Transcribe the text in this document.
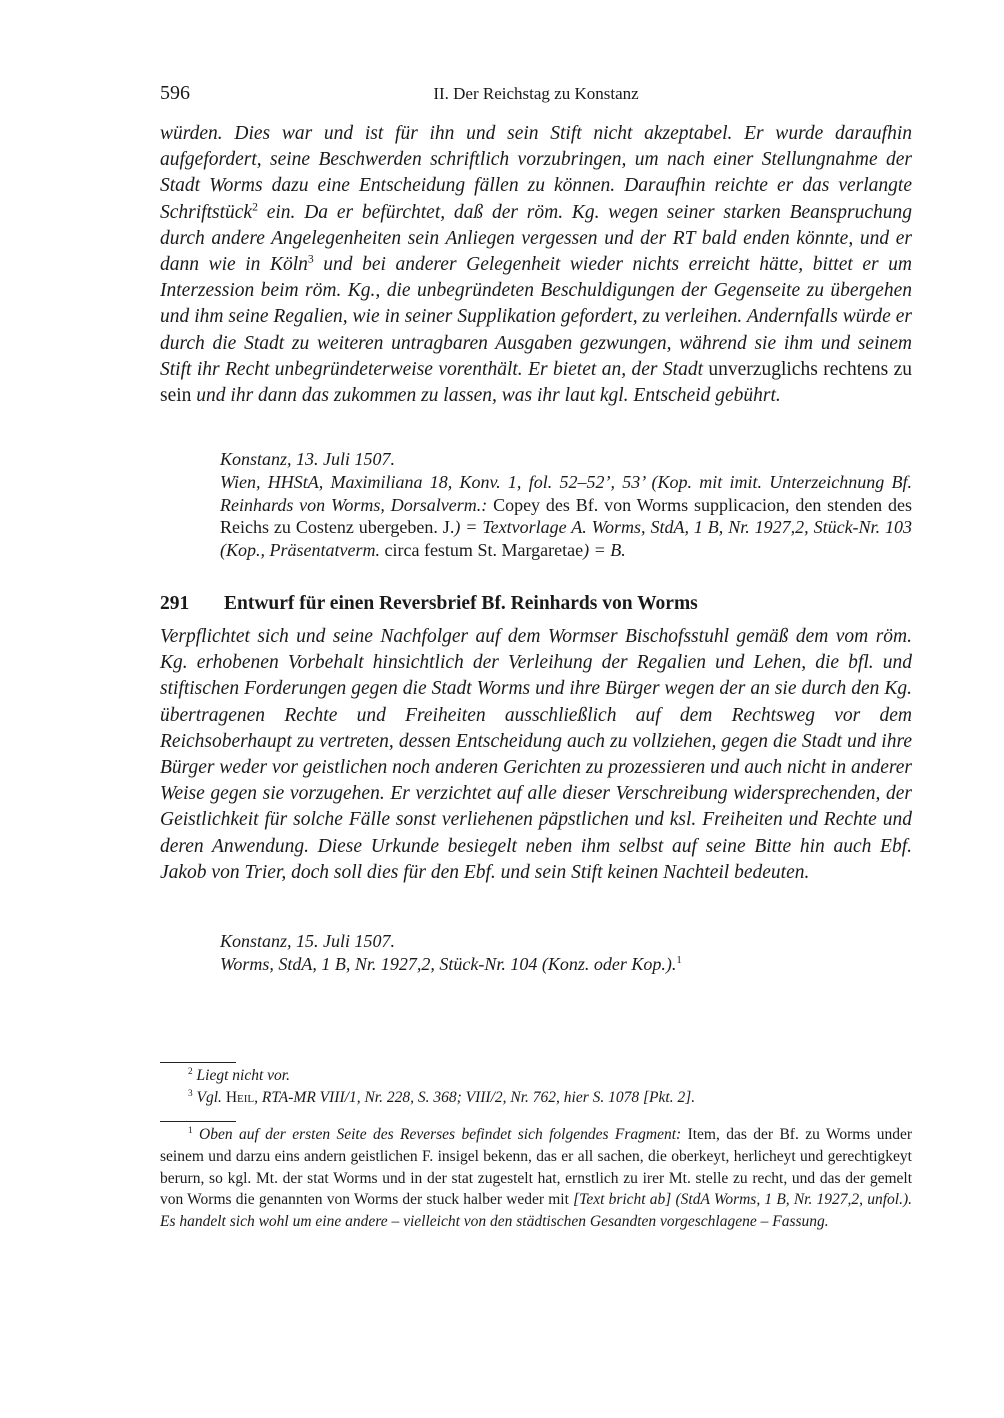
596	II. Der Reichstag zu Konstanz
würden. Dies war und ist für ihn und sein Stift nicht akzeptabel. Er wurde daraufhin aufgefordert, seine Beschwerden schriftlich vorzubringen, um nach einer Stellungnahme der Stadt Worms dazu eine Entscheidung fällen zu können. Daraufhin reichte er das verlangte Schriftstück$^2$ ein. Da er befürchtet, daß der röm. Kg. wegen seiner starken Beanspruchung durch andere Angelegenheiten sein Anliegen vergessen und der RT bald enden könnte, und er dann wie in Köln$^3$ und bei anderer Gelegenheit wieder nichts erreicht hätte, bittet er um Interzession beim röm. Kg., die unbegründeten Beschuldigungen der Gegenseite zu übergehen und ihm seine Regalien, wie in seiner Supplikation gefordert, zu verleihen. Andernfalls würde er durch die Stadt zu weiteren untragbaren Ausgaben gezwungen, während sie ihm und seinem Stift ihr Recht unbegründeterweise vorenthält. Er bietet an, der Stadt unverzuglichs rechtens zu sein und ihr dann das zukommen zu lassen, was ihr laut kgl. Entscheid gebührt.
Konstanz, 13. Juli 1507.
Wien, HHStA, Maximiliana 18, Konv. 1, fol. 52–52’, 53’ (Kop. mit imit. Unterzeichnung Bf. Reinhards von Worms, Dorsalverm.: Copey des Bf. von Worms supplicacion, den stenden des Reichs zu Costenz ubergeben. J.) = Textvorlage A. Worms, StdA, 1 B, Nr. 1927,2, Stück-Nr. 103 (Kop., Präsentatverm. circa festum St. Margaretae) = B.
291 Entwurf für einen Reversbrief Bf. Reinhards von Worms
Verpflichtet sich und seine Nachfolger auf dem Wormser Bischofsstuhl gemäß dem vom röm. Kg. erhobenen Vorbehalt hinsichtlich der Verleihung der Regalien und Lehen, die bfl. und stiftischen Forderungen gegen die Stadt Worms und ihre Bürger wegen der an sie durch den Kg. übertragenen Rechte und Freiheiten ausschließlich auf dem Rechtsweg vor dem Reichsoberhaupt zu vertreten, dessen Entscheidung auch zu vollziehen, gegen die Stadt und ihre Bürger weder vor geistlichen noch anderen Gerichten zu prozessieren und auch nicht in anderer Weise gegen sie vorzugehen. Er verzichtet auf alle dieser Verschreibung widersprechenden, der Geistlichkeit für solche Fälle sonst verliehenen päpstlichen und ksl. Freiheiten und Rechte und deren Anwendung. Diese Urkunde besiegelt neben ihm selbst auf seine Bitte hin auch Ebf. Jakob von Trier, doch soll dies für den Ebf. und sein Stift keinen Nachteil bedeuten.
Konstanz, 15. Juli 1507.
Worms, StdA, 1 B, Nr. 1927,2, Stück-Nr. 104 (Konz. oder Kop.).$^1$
$^2$ Liegt nicht vor.
$^3$ Vgl. Heil, RTA-MR VIII/1, Nr. 228, S. 368; VIII/2, Nr. 762, hier S. 1078 [Pkt. 2].
$^1$ Oben auf der ersten Seite des Reverses befindet sich folgendes Fragment: Item, das der Bf. zu Worms under seinem und darzu eins andern geistlichen F. insigel bekenn, das er all sachen, die oberkeyt, herlicheyt und gerechtigkeyt berurn, so kgl. Mt. der stat Worms und in der stat zugestelt hat, ernstlich zu irer Mt. stelle zu recht, und das der gemelt von Worms die genannten von Worms der stuck halber weder mit [Text bricht ab] (StdA Worms, 1 B, Nr. 1927,2, unfol.). Es handelt sich wohl um eine andere – vielleicht von den städtischen Gesandten vorgeschlagene – Fassung.
